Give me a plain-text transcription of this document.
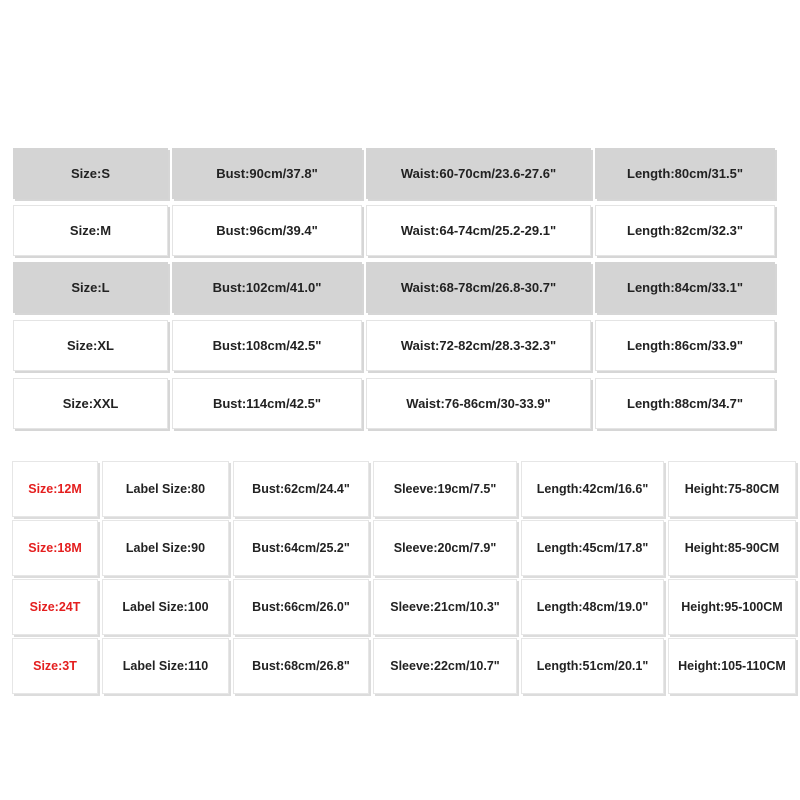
Size:S	Bust:90cm/37.8"	Waist:60-70cm/23.6-27.6"	Length:80cm/31.5"
Size:M	Bust:96cm/39.4"	Waist:64-74cm/25.2-29.1"	Length:82cm/32.3"
Size:L	Bust:102cm/41.0"	Waist:68-78cm/26.8-30.7"	Length:84cm/33.1"
Size:XL	Bust:108cm/42.5"	Waist:72-82cm/28.3-32.3"	Length:86cm/33.9"
Size:XXL	Bust:114cm/42.5"	Waist:76-86cm/30-33.9"	Length:88cm/34.7"
Size:12M	Label Size:80	Bust:62cm/24.4"	Sleeve:19cm/7.5"	Length:42cm/16.6"	Height:75-80CM
Size:18M	Label Size:90	Bust:64cm/25.2"	Sleeve:20cm/7.9"	Length:45cm/17.8"	Height:85-90CM
Size:24T	Label Size:100	Bust:66cm/26.0"	Sleeve:21cm/10.3"	Length:48cm/19.0"	Height:95-100CM
Size:3T	Label Size:110	Bust:68cm/26.8"	Sleeve:22cm/10.7"	Length:51cm/20.1"	Height:105-110CM
